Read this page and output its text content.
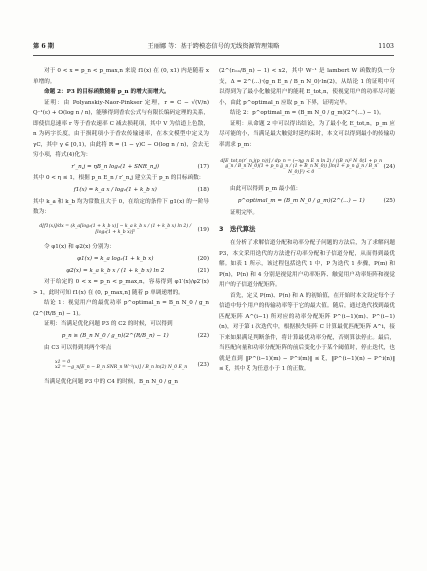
第 6 期	王丽娜 等：基于跨模态信号的无线资源管理策略	1103

对于 0 < x = p_n < p_max,n 来说 f1(x) 在 (0, x1) 内是随着 x 单增的。

命题 2：P3 的目标函数随着 p_n 的增大而增大。

证明：由 Polyanskiy-Naor-Pinkser 定理，r = C − √(V/n) Q⁻¹(ε) + O(log n / n)，能够得到香农公式与有限长编码定理的关系，即使信息速率 r 等于香农速率 C 减去损耗项，其中 V 为信道上色散，n 为码字长度，由于损耗项小于香农传输速率，在本文模型中定义为 γC，其中 γ ∈ [0,1)，由此将 R = (1 − γ)C − O(log n / n)，会去无穷小项，将式(4)化为：

r′_n,j = ηB_n log₂(1 + SNR_n,j)	(17)

其中 0 < η ≤ 1，根据 p_n E_n / r′_n,j 建立关于 p_n 的目标函数：

f1(x) = k_a x / log₂(1 + k_b x)	(18)

其中 k_a 和 k_b 均为常数且大于 0，在给定的条件下 g1(x) 的一阶导数为：

d[f1(x)]/dx = (k_a[log₂(1 + k_b x)] − k_a k_b x / (1 + k_b x) ln 2) / [log₂(1 + k_b x)]²	(19)

令 φ1(x) 和 φ2(x) 分别为：

φ1(x) = k_a log₂(1 + k_b x)	(20)
φ2(x) = k_a k_b x / (1 + k_b x) ln 2	(21)

对于给定的 0 < x = p_n < p_max,n，容易得到 φ1′(x)/φ2′(x) > 1，此时可知 f1(x) 在 (0, p_max,n] 随着 p 单调递增的。

结论 1：视觉用户的最优功率 p^optimal_n = B_n N_0 / g_n (2^(R/B_n) − 1)。

证明：当满足优化问题 P3 的 C2 的时候，可以得到

p_n ≥ (B_n N_0 / g_n)(2^(R/B_n) − 1)	(22)

由 C3 可以得到其两个零点

x1 = 0
x2 = −g_n[E_n − B_n SNR_n W⁻¹(x)] / B_n ln(2) N_0 E_n	(23)

当满足优化问题 P3 中的 C4 的时候，B_n N_0 / g_n

(2^(rₘₙ/B_n) − 1) < x2，其中 W⁻¹ 是 lambert W 函数的负一分支，Δ = 2^(...)·(g_n E_n / B_n N_0)·ln(2)，从结论 1 的证明中可以得到为了最小化触觉用户的能耗 E_tot,n，使视觉用户的功率尽可能小，由此 p^optimal_n 应取 p_n 下界，证明完毕。

结论 2：p^optimal_m = (B_m N_0 / g_m)(2^(...) − 1)。

证明：从命题 2 中可以得出结论，为了最小化 E_tot,n，p_m 应尽可能的小，当满足最大触觉时延约束时，本文可以得到最小的传输功率需求 p_m：

d[E_tot,n(r′_n,j(p_n))] / dp_n = (−ηg_n E_n ln 2) / ((B_n)² N_0(1 + p_n g_n / B_n N_0)(1 + p_n g_n / (1 + B_n N_0)) [ln(1 + p_n g_n / B_n N_0)]²) < 0
(24)

由此可以得到 p_m 最小值：

p^optimal_m = (B_m N_0 / g_m)(2^(...) − 1)	(25)

证明完毕。

3　迭代算法

在分析了求解信道分配和功率分配子问题的方法后，为了求解问题 P3，本文采用迭代的方法进行功率分配和子信道分配，从而得到最优解。如表 1 所示，该过程包括迭代 1 中，P 为迭代 1 步骤，P(m) 和 P(n)，P(n) 和 4 分别是视觉用户功率矩阵、触觉用户功率矩阵和视觉用户的子信道分配矩阵。

首先，定义 P(m)、P(n) 和 A 的初始值，在开始时本文设定每个子信道中每个用户的传输功率等于它的最大值。随后，通过迭代找到最优匹配矩阵 A^(i−1) 所对应的功率分配矩阵 P^(i−1)(m)、P^(i−1)(n)，对于第 i 次迭代中，根据损失矩阵 C 计算最优匹配矩阵 A^i，接下来如果满足判断条件，将计算最优功率分配，否则算法停止。最后，当匹配向量和功率分配矩阵的前后变化小于某个阈值时，停止迭代，也就是直到 ‖P^(i−1)(m) − P^i(m)‖ ≤ ξ，‖P^(i−1)(n) − P^i(n)‖ ≤ ξ，其中 ξ 为任意小于 1 的正数。
